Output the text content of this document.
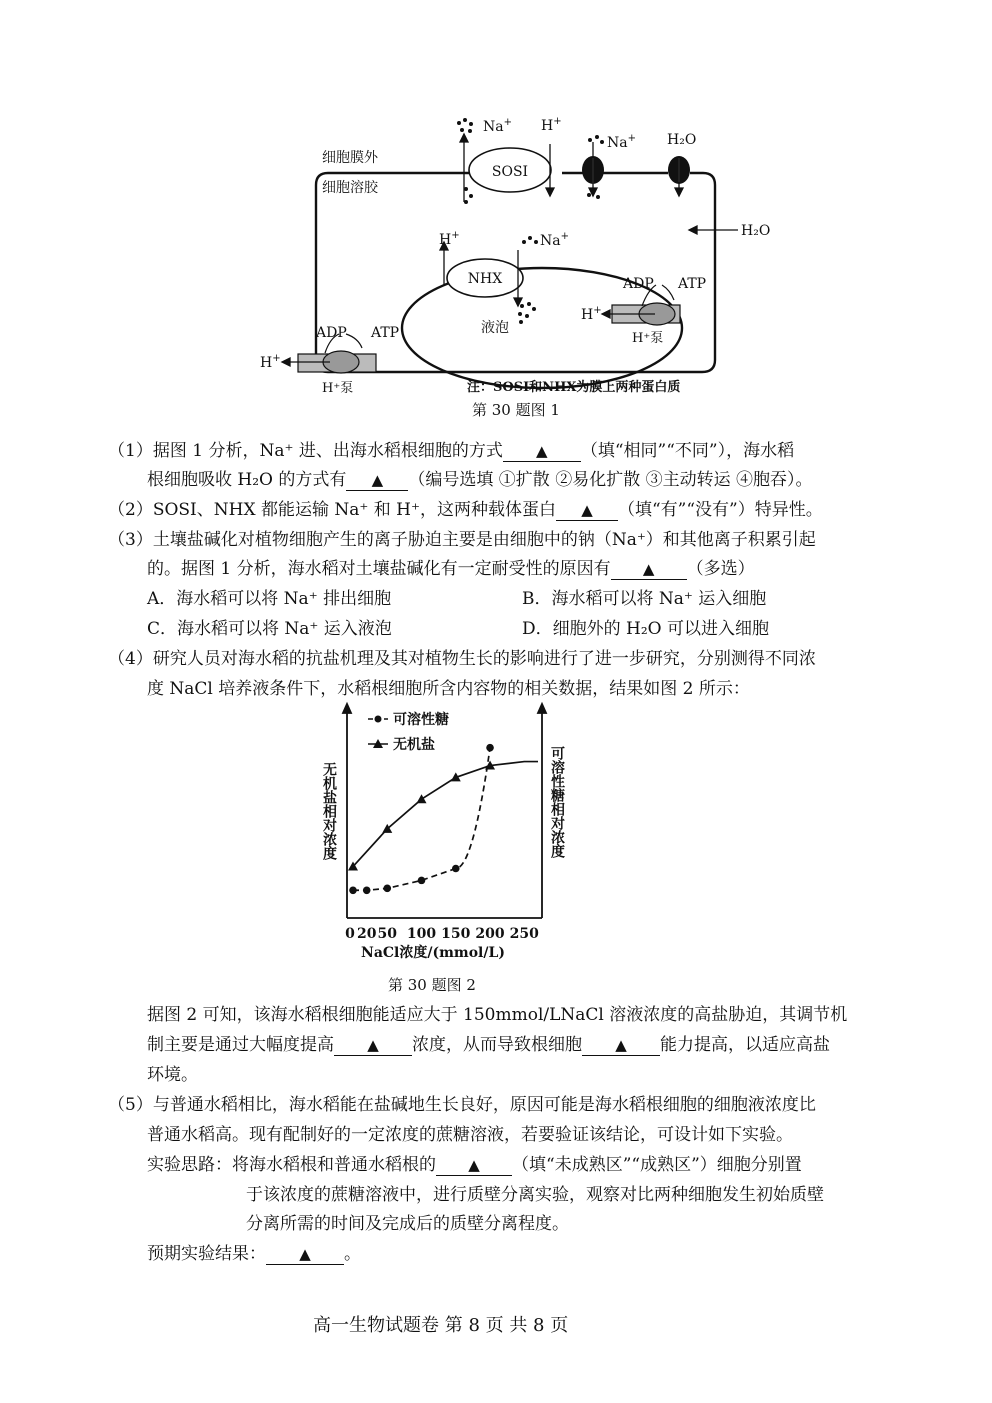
SOSI
细胞膜外
细胞溶胶
Na+ H+
Na+ H₂O
H₂O
液泡
NHX
H+	Na+
H+
ADP ATP
H⁺泵
H+
ADP ATP
H⁺泵	注：SOSI和NHX为膜上两种蛋白质
第 30 题图 1
（1）据图 1 分析，Na⁺ 进、出海水稻根细胞的方式 ▲ （填“相同”“不同”），海水稻
根细胞吸收 H₂O 的方式有 ▲ （编号选填 ①扩散 ②易化扩散 ③主动转运 ④胞吞）。
（2）SOSI、NHX 都能运输 Na⁺ 和 H⁺，这两种载体蛋白 ▲ （填“有”“没有”）特异性。
（3）土壤盐碱化对植物细胞产生的离子胁迫主要是由细胞中的钠（Na⁺）和其他离子积累引起
的。据图 1 分析，海水稻对土壤盐碱化有一定耐受性的原因有 ▲ （多选）
A．海水稻可以将 Na⁺ 排出细胞	B．海水稻可以将 Na⁺ 运入细胞
C．海水稻可以将 Na⁺ 运入液泡	D．细胞外的 H₂O 可以进入细胞
（4）研究人员对海水稻的抗盐机理及其对植物生长的影响进行了进一步研究，分别测得不同浓
度 NaCl 培养液条件下，水稻根细胞所含内容物的相关数据，结果如图 2 所示：
0 20 50 100 150 200 250
可溶性糖
无机盐
无机盐相对浓度	可溶性糖相对浓度
NaCl浓度/(mmol/L)
第 30 题图 2
据图 2 可知，该海水稻根细胞能适应大于 150mmol/LNaCl 溶液浓度的高盐胁迫，其调节机
制主要是通过大幅度提高 ▲ 浓度，从而导致根细胞 ▲ 能力提高，以适应高盐
环境。
（5）与普通水稻相比，海水稻能在盐碱地生长良好，原因可能是海水稻根细胞的细胞液浓度比
普通水稻高。现有配制好的一定浓度的蔗糖溶液，若要验证该结论，可设计如下实验。
实验思路：将海水稻根和普通水稻根的 ▲ （填“未成熟区”“成熟区”）细胞分别置
于该浓度的蔗糖溶液中，进行质壁分离实验，观察对比两种细胞发生初始质壁
分离所需的时间及完成后的质壁分离程度。
预期实验结果： ▲ 。
高一生物试题卷 第 8 页 共 8 页
